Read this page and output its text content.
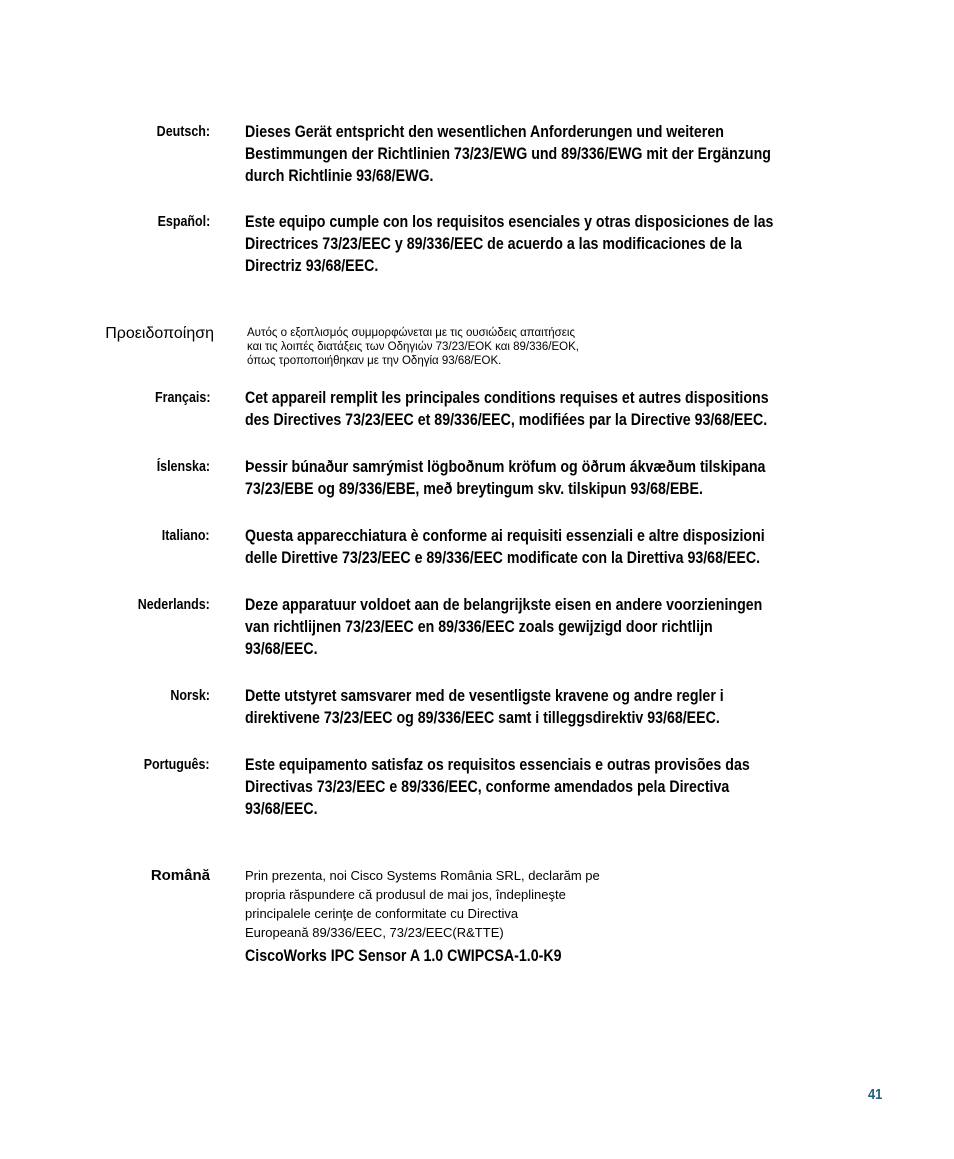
Deutsch: Dieses Gerät entspricht den wesentlichen Anforderungen und weiteren
Bestimmungen der Richtlinien 73/23/EWG und 89/336/EWG mit der Ergänzung
durch Richtlinie 93/68/EWG.
Español: Este equipo cumple con los requisitos esenciales y otras disposiciones de las
Directrices 73/23/EEC y 89/336/EEC de acuerdo a las modificaciones de la
Directriz 93/68/EEC.
Προειδοποίηση	Αυτός ο εξοπλισμός συμμορφώνεται με τις ουσιώδεις απαιτήσεις
και τις λοιπές διατάξεις των Οδηγιών 73/23/EOK και 89/336/EOK,
όπως τροποποιήθηκαν με την Οδηγία 93/68/EOK.
Français: Cet appareil remplit les principales conditions requises et autres dispositions
des Directives 73/23/EEC et 89/336/EEC, modifiées par la Directive 93/68/EEC.
Íslenska: Þessir búnaður samrýmist lögboðnum kröfum og öðrum ákvæðum tilskipana
73/23/EBE og 89/336/EBE, með breytingum skv. tilskipun 93/68/EBE.
Italiano: Questa apparecchiatura è conforme ai requisiti essenziali e altre disposizioni
delle Direttive 73/23/EEC e 89/336/EEC modificate con la Direttiva 93/68/EEC.
Nederlands: Deze apparatuur voldoet aan de belangrijkste eisen en andere voorzieningen
van richtlijnen 73/23/EEC en 89/336/EEC zoals gewijzigd door richtlijn
93/68/EEC.
Norsk: Dette utstyret samsvarer med de vesentligste kravene og andre regler i
direktivene 73/23/EEC og 89/336/EEC samt i tilleggsdirektiv 93/68/EEC.
Português: Este equipamento satisfaz os requisitos essenciais e outras provisões das
Directivas 73/23/EEC e 89/336/EEC, conforme amendados pela Directiva
93/68/EEC.
Română	Prin prezenta, noi Cisco Systems România SRL, declarăm pe
propria răspundere că produsul de mai jos, îndeplineşte
principalele cerinţe de conformitate cu Directiva
Europeană 89/336/EEC, 73/23/EEC(R&TTE)
CiscoWorks IPC Sensor A 1.0 CWIPCSA-1.0-K9
41
